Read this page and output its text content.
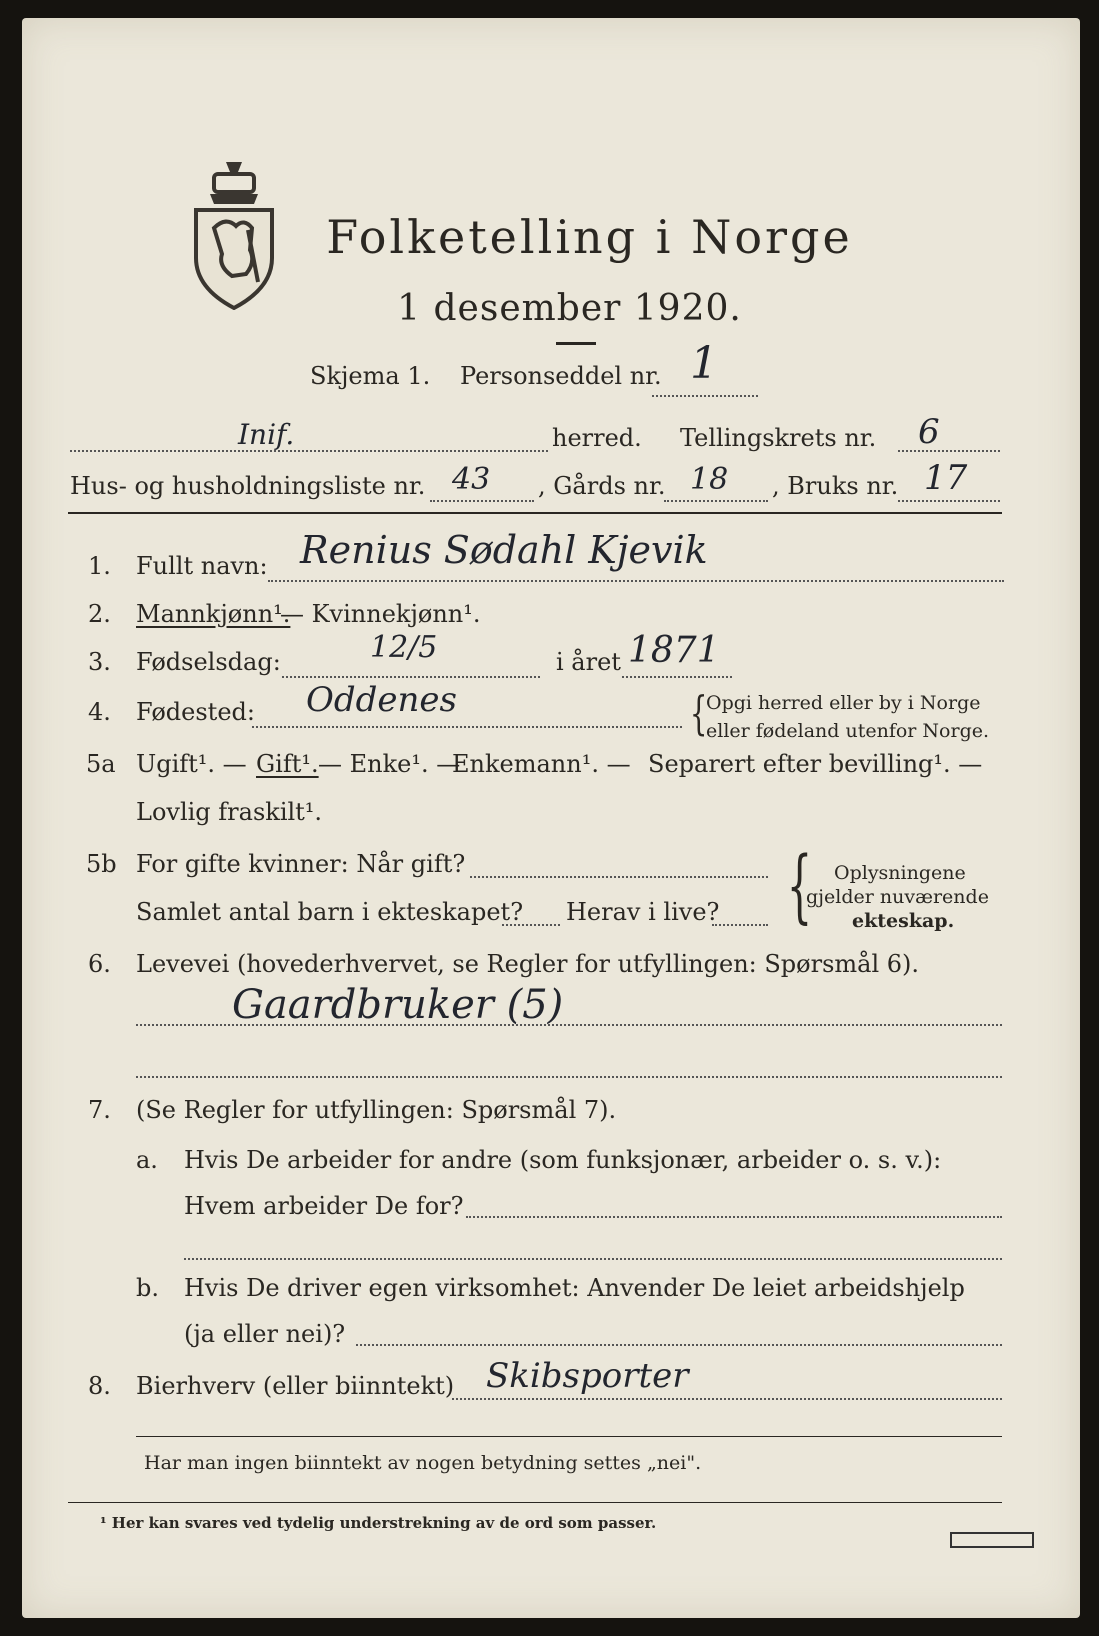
Folketelling i Norge
1 desember 1920.
Skjema 1. Personseddel nr. 1
Inif.	herred. Tellingskrets nr. 6
Hus- og husholdningsliste nr. 43 , Gårds nr. 18 , Bruks nr. 17
1. Fullt navn: Renius Sødahl Kjevik
2. Mannkjønn¹.
— Kvinnekjønn¹.
3. Fødselsdag:	12/5	i året 1871
4. Fødested: Oddenes	{
Opgi herred eller by i Norge
eller fødeland utenfor Norge.
5a Ugift¹. — Gift¹. — Enke¹. —
Enkemann¹. — Separert efter bevilling¹. —
Lovlig fraskilt¹.
5b For gifte kvinner: Når gift?
Samlet antal barn i ekteskapet? Herav i live? { Oplysningene
gjelder nuværende
ekteskap.
6. Levevei (hovederhvervet, se Regler for utfyllingen: Spørsmål 6).
Gaardbruker (5)
7. (Se Regler for utfyllingen: Spørsmål 7).
a. Hvis De arbeider for andre (som funksjonær, arbeider o. s. v.):
Hvem arbeider De for?
b. Hvis De driver egen virksomhet: Anvender De leiet arbeidshjelp
(ja eller nei)?
8. Bierhverv (eller biinntekt) Skibsporter
Har man ingen biinntekt av nogen betydning settes „nei".
¹ Her kan svares ved tydelig understrekning av de ord som passer.
